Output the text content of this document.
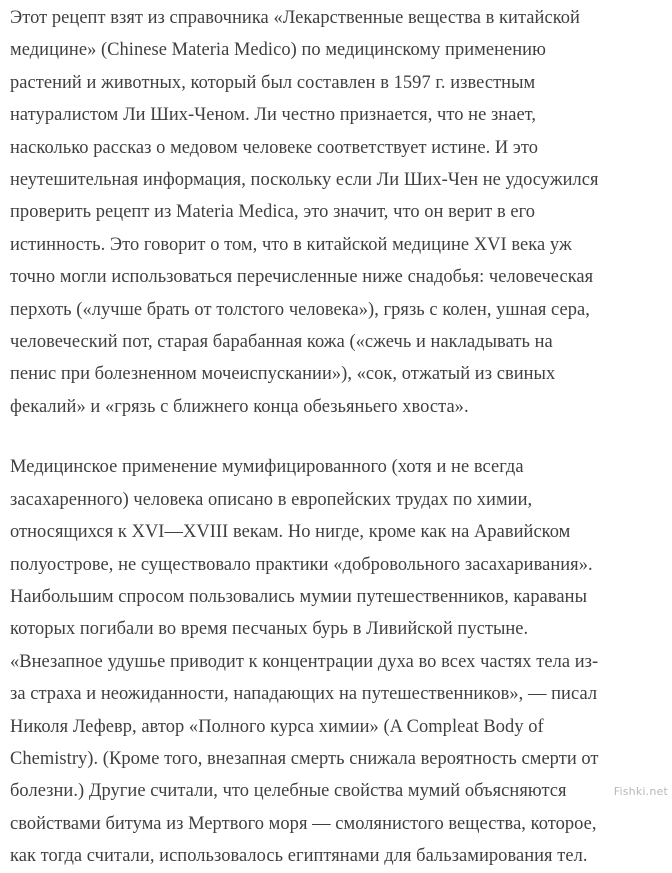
Этот рецепт взят из справочника «Лекарственные вещества в китайской
медицине» (Chinese Materia Medico) по медицинскому применению
растений и животных, который был составлен в 1597 г. известным
натуралистом Ли Ших-Ченом. Ли честно признается, что не знает,
насколько рассказ о медовом человеке соответствует истине. И это
неутешительная информация, поскольку если Ли Ших-Чен не удосужился
проверить рецепт из Materia Medica, это значит, что он верит в его
истинность. Это говорит о том, что в китайской медицине XVI века уж
точно могли использоваться перечисленные ниже снадобья: человеческая
перхоть («лучше брать от толстого человека»), грязь с колен, ушная сера,
человеческий пот, старая барабанная кожа («сжечь и накладывать на
пенис при болезненном мочеиспускании»), «сок, отжатый из свиных
фекалий» и «грязь с ближнего конца обезьяньего хвоста».

Медицинское применение мумифицированного (хотя и не всегда
засахаренного) человека описано в европейских трудах по химии,
относящихся к XVI—XVIII векам. Но нигде, кроме как на Аравийском
полуострове, не существовало практики «добровольного засахаривания».
Наибольшим спросом пользовались мумии путешественников, караваны
которых погибали во время песчаных бурь в Ливийской пустыне.
«Внезапное удушье приводит к концентрации духа во всех частях тела из-
за страха и неожиданности, нападающих на путешественников», — писал
Николя Лефевр, автор «Полного курса химии» (A Compleat Body of
Chemistry). (Кроме того, внезапная смерть снижала вероятность смерти от
болезни.) Другие считали, что целебные свойства мумий объясняются
свойствами битума из Мертвого моря — смолянистого вещества, которое,
как тогда считали, использовалось египтянами для бальзамирования тел.

Fishki.net
